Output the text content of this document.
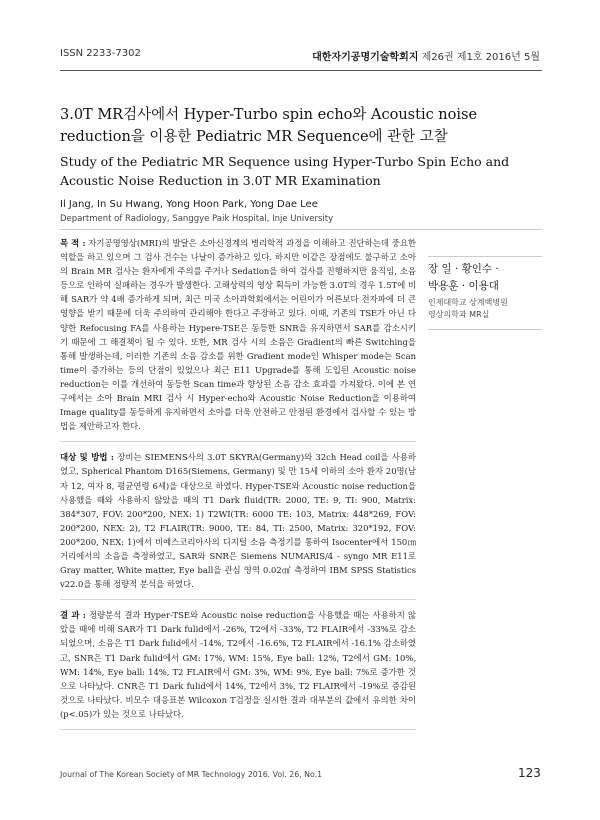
ISSN 2233-7302	대한자기공명기술학회지 제26권 제1호 2016년 5월
3.0T MR검사에서 Hyper-Turbo spin echo와 Acoustic noise reduction을 이용한 Pediatric MR Sequence에 관한 고찰
Study of the Pediatric MR Sequence using Hyper-Turbo Spin Echo and Acoustic Noise Reduction in 3.0T MR Examination
Il Jang, In Su Hwang, Yong Hoon Park, Yong Dae Lee
Department of Radiology, Sanggye Paik Hospital, Inje University

목 적 : 자기공명영상(MRI)의 발달은 소아신경계의 병리학적 과정을 이해하고 진단하는데 중요한 역할을 하고 있으며 그 검사 건수는 나날이 증가하고 있다. 하지만 이같은 장점에도 불구하고 소아의 Brain MR 검사는 환자에게 주의를 주거나 Sedation을 하여 검사를 진행하지만 움직임, 소음 등으로 인하여 실패하는 경우가 발생한다. 고해상력의 영상 획득이 가능한 3.0T의 경우 1.5T에 비해 SAR가 약 4배 증가하게 되며, 최근 미국 소아과학회에서는 어린이가 어른보다 전자파에 더 큰 영향을 받기 때문에 더욱 주의하여 관리해야 한다고 주장하고 있다. 이때, 기존의 TSE가 아닌 다양한 Refocusing FA를 사용하는 Hypere-TSE은 동등한 SNR을 유지하면서 SAR를 감소시키기 때문에 그 해결책이 될 수 있다. 또한, MR 검사 시의 소음은 Gradient의 빠른 Switching을 통해 발생하는데, 이러한 기존의 소음 감소를 위한 Gradient mode인 Whisper mode는 Scan time이 증가하는 등의 단점이 있었으나 최근 E11 Upgrade를 통해 도입된 Acoustic noise reduction는 이를 개선하여 동등한 Scan time과 향상된 소음 감소 효과를 가져왔다. 이에 본 연구에서는 소아 Brain MRI 검사 시 Hyper-echo와 Acoustic Noise Reduction을 이용하여 Image quality를 동등하게 유지하면서 소아를 더욱 안전하고 안정된 환경에서 검사할 수 있는 방법을 제안하고자 한다.

대상 및 방법 : 장비는 SIEMENS사의 3.0T SKYRA(Germany)와 32ch Head coil을 사용하였고, Spherical Phantom D165(Siemens, Germany) 및 만 15세 이하의 소아 환자 20명(남자 12, 여자 8, 평균연령 6세)을 대상으로 하였다. Hyper-TSE와 Acoustic noise reduction을 사용했을 때와 사용하지 않았을 때의 T1 Dark fluid(TR: 2000, TE: 9, TI: 900, Matrix: 384*307, FOV: 200*200, NEX: 1) T2WI(TR: 6000 TE: 103, Matrix: 448*269, FOV: 200*200, NEX: 2), T2 FLAIR(TR: 9000, TE: 84, TI: 2500, Matrix: 320*192, FOV: 200*200, NEX: 1)에서 비예스코리아사의 디지털 소음 측정기를 통하여 Isocenter에서 150㎝ 거리에서의 소음을 측정하였고, SAR와 SNR은 Siemens NUMARIS/4 - syngo MR E11로 Gray matter, White matter, Eye ball을 관심 영역 0.02㎠ 측정하여 IBM SPSS Statistics v22.0을 통해 정량적 분석을 하였다.

결 과 : 정량분석 결과 Hyper-TSE와 Acoustic noise reduction을 사용했을 때는 사용하지 않았을 때에 비해 SAR가 T1 Dark fulid에서 -26%, T2에서 -33%, T2 FLAIR에서 -33%로 감소되었으며, 소음은 T1 Dark fulid에서 -14%, T2에서 -16.6%, T2 FLAIR에서 -16.1% 감소하였고, SNR은 T1 Dark fulid에서 GM: 17%, WM: 15%, Eye ball: 12%, T2에서 GM: 10%, WM: 14%, Eye ball: 14%, T2 FLAIR에서 GM: 3%, WM: 9%, Eye ball: 7%로 증가한 것으로 나타났다. CNR은 T1 Dark fulid에서 14%, T2에서 3%, T2 FLAIR에서 -19%로 증감된 것으로 나타났다. 비모수 대응표본 Wilcoxon T검정을 실시한 결과 대부분의 값에서 유의한 차이(p<.05)가 있는 것으로 나타났다.

장 일 · 황인수 ·
박용훈 · 이용대
인제대학교 상계백병원
영상의학과 MR실
Journal of The Korean Society of MR Technology 2016. Vol. 26, No.1	123
